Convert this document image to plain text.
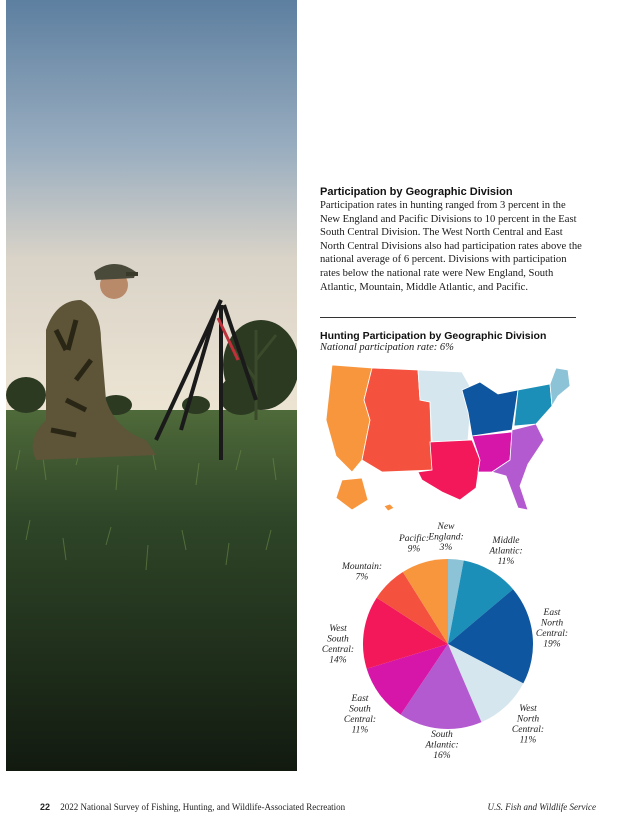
Participation by Geographic Division
Participation rates in hunting ranged from 3 percent in the New England and Pacific Divisions to 10 percent in the East South Central Division. The West North Central and East North Central Divisions also had participation rates above the national average of 6 percent. Divisions with participation rates below the national rate were New England, South Atlantic, Mountain, Middle Atlantic, and Pacific.
Hunting Participation by Geographic Division
National participation rate: 6%
New England: 3%
Middle Atlantic: 11%
East North Central: 19%
West North Central: 11%
South Atlantic: 16%
East South Central: 11%
West South Central: 14%
Mountain: 7%
Pacific: 9%
22 2022 National Survey of Fishing, Hunting, and Wildlife-Associated Recreation	U.S. Fish and Wildlife Service
